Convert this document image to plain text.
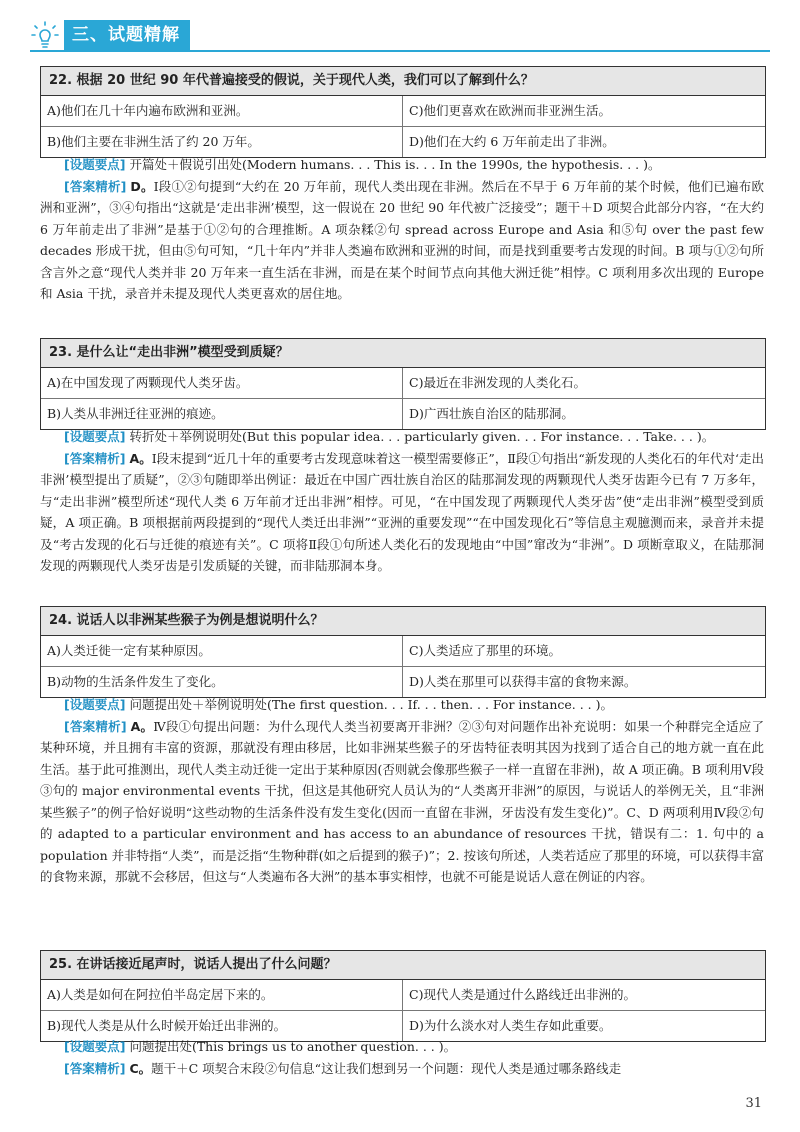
三、试题精解
22. 根据 20 世纪 90 年代普遍接受的假说，关于现代人类，我们可以了解到什么？
A)他们在几十年内遍布欧洲和亚洲。	C)他们更喜欢在欧洲而非亚洲生活。
B)他们主要在非洲生活了约 20 万年。	D)他们在大约 6 万年前走出了非洲。

[ 设题要点 ] 开篇处＋假说引出处(Modern humans. . . This is. . . In the 1990s, the hypothesis. . . )。

[ 答案精析 ] D。Ⅰ段①②句提到“大约在 20 万年前，现代人类出现在非洲。然后在不早于 6 万年前的某个时候，他们已遍布欧洲和亚洲”，③④句指出“这就是‘走出非洲’模型，这一假说在 20 世纪 90 年代被广泛接受”；题干＋D 项契合此部分内容，“在大约 6 万年前走出了非洲”是基于①②句的合理推断。A 项杂糅②句 spread across Europe and Asia 和⑤句 over the past few decades 形成干扰，但由⑤句可知，“几十年内”并非人类遍布欧洲和亚洲的时间，而是找到重要考古发现的时间。B 项与①②句所含言外之意“现代人类并非 20 万年来一直生活在非洲，而是在某个时间节点向其他大洲迁徙”相悖。C 项利用多次出现的 Europe 和 Asia 干扰，录音并未提及现代人类更喜欢的居住地。

23. 是什么让“走出非洲”模型受到质疑？
A)在中国发现了两颗现代人类牙齿。	C)最近在非洲发现的人类化石。
B)人类从非洲迁往亚洲的痕迹。	D)广西壮族自治区的陆那洞。

[ 设题要点 ] 转折处＋举例说明处(But this popular idea. . . particularly given. . . For instance. . . Take. . . )。

[ 答案精析 ] A。Ⅰ段末提到“近几十年的重要考古发现意味着这一模型需要修正”，Ⅱ段①句指出“新发现的人类化石的年代对‘走出非洲’模型提出了质疑”，②③句随即举出例证：最近在中国广西壮族自治区的陆那洞发现的两颗现代人类牙齿距今已有 7 万多年，与“走出非洲”模型所述“现代人类 6 万年前才迁出非洲”相悖。可见，“在中国发现了两颗现代人类牙齿”使“走出非洲”模型受到质疑，A 项正确。B 项根据前两段提到的“现代人类迁出非洲”“亚洲的重要发现”“在中国发现化石”等信息主观臆测而来，录音并未提及“考古发现的化石与迁徙的痕迹有关”。C 项将Ⅱ段①句所述人类化石的发现地由“中国”窜改为“非洲”。D 项断章取义，在陆那洞发现的两颗现代人类牙齿是引发质疑的关键，而非陆那洞本身。

24. 说话人以非洲某些猴子为例是想说明什么？
A)人类迁徙一定有某种原因。	C)人类适应了那里的环境。
B)动物的生活条件发生了变化。	D)人类在那里可以获得丰富的食物来源。

[ 设题要点 ] 问题提出处＋举例说明处(The first question. . . If. . . then. . . For instance. . . )。

[ 答案精析 ] A。Ⅳ段①句提出问题：为什么现代人类当初要离开非洲？②③句对问题作出补充说明：如果一个种群完全适应了某种环境，并且拥有丰富的资源，那就没有理由移居，比如非洲某些猴子的牙齿特征表明其因为找到了适合自己的地方就一直在此生活。基于此可推测出，现代人类主动迁徙一定出于某种原因(否则就会像那些猴子一样一直留在非洲)，故 A 项正确。B 项利用Ⅴ段③句的 major environmental events 干扰，但这是其他研究人员认为的“人类离开非洲”的原因，与说话人的举例无关，且“非洲某些猴子”的例子恰好说明“这些动物的生活条件没有发生变化(因而一直留在非洲，牙齿没有发生变化)”。C、D 两项利用Ⅳ段②句的 adapted to a particular environment and has access to an abundance of resources 干扰，错误有二：1. 句中的 a population 并非特指“人类”，而是泛指“生物种群(如之后提到的猴子)”；2. 按该句所述，人类若适应了那里的环境，可以获得丰富的食物来源，那就不会移居，但这与“人类遍布各大洲”的基本事实相悖，也就不可能是说话人意在例证的内容。

25. 在讲话接近尾声时，说话人提出了什么问题？
A)人类是如何在阿拉伯半岛定居下来的。	C)现代人类是通过什么路线迁出非洲的。
B)现代人类是从什么时候开始迁出非洲的。	D)为什么淡水对人类生存如此重要。

[ 设题要点 ] 问题提出处(This brings us to another question. . . )。

[ 答案精析 ] C。题干＋C 项契合末段②句信息“这让我们想到另一个问题：现代人类是通过哪条路线走

31
